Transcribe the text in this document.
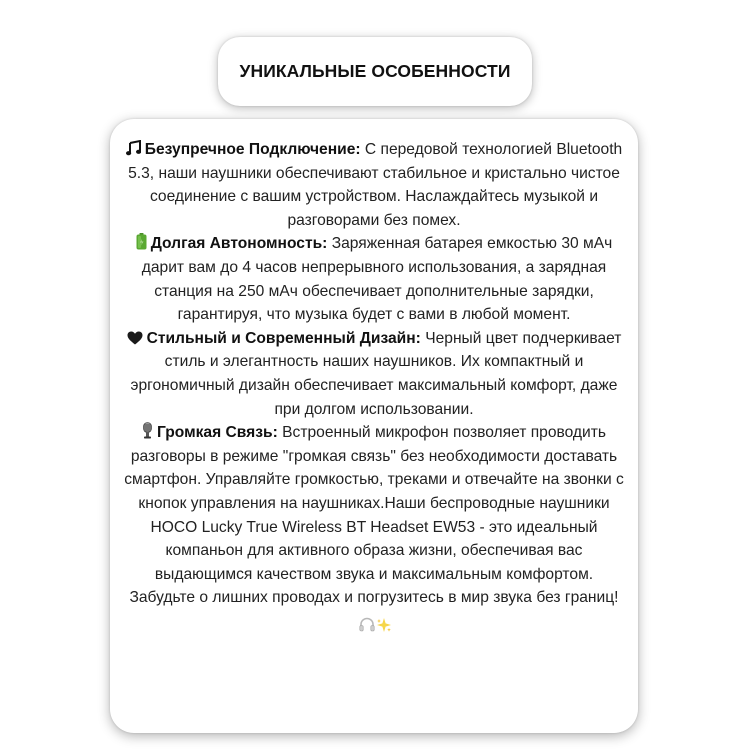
УНИКАЛЬНЫЕ ОСОБЕННОСТИ

Безупречное Подключение: С передовой технологией Bluetooth 5.3, наши наушники обеспечивают стабильное и кристально чистое соединение с вашим устройством. Наслаждайтесь музыкой и разговорами без помех.

Долгая Автономность: Заряженная батарея емкостью 30 мАч дарит вам до 4 часов непрерывного использования, а зарядная станция на 250 мАч обеспечивает дополнительные зарядки, гарантируя, что музыка будет с вами в любой момент.

Стильный и Современный Дизайн: Черный цвет подчеркивает стиль и элегантность наших наушников. Их компактный и эргономичный дизайн обеспечивает максимальный комфорт, даже при долгом использовании.

Громкая Связь: Встроенный микрофон позволяет проводить разговоры в режиме "громкая связь" без необходимости доставать смартфон. Управляйте громкостью, треками и отвечайте на звонки с кнопок управления на наушниках.Наши беспроводные наушники HOCO Lucky True Wireless BT Headset EW53 - это идеальный компаньон для активного образа жизни, обеспечивая вас выдающимся качеством звука и максимальным комфортом. Забудьте о лишних проводах и погрузитесь в мир звука без границ!
